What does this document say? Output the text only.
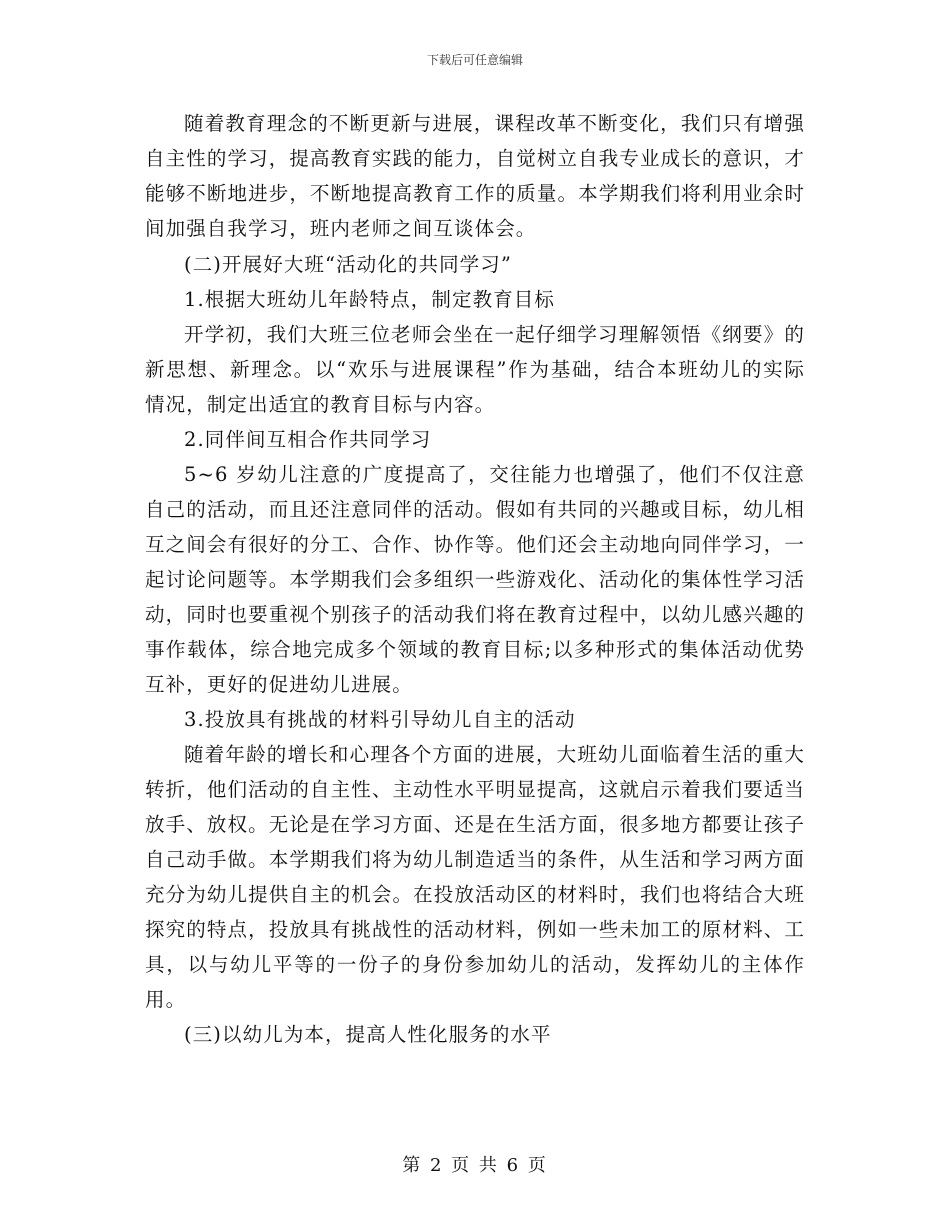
下载后可任意编辑

随着教育理念的不断更新与进展，课程改革不断变化，我们只有增强自主性的学习，提高教育实践的能力，自觉树立自我专业成长的意识，才能够不断地进步，不断地提高教育工作的质量。本学期我们将利用业余时间加强自我学习，班内老师之间互谈体会。

(二)开展好大班“活动化的共同学习”

1.根据大班幼儿年龄特点，制定教育目标

开学初，我们大班三位老师会坐在一起仔细学习理解领悟《纲要》的新思想、新理念。以“欢乐与进展课程”作为基础，结合本班幼儿的实际情况，制定出适宜的教育目标与内容。

2.同伴间互相合作共同学习

5~6 岁幼儿注意的广度提高了，交往能力也增强了，他们不仅注意自己的活动，而且还注意同伴的活动。假如有共同的兴趣或目标，幼儿相互之间会有很好的分工、合作、协作等。他们还会主动地向同伴学习，一起讨论问题等。本学期我们会多组织一些游戏化、活动化的集体性学习活动，同时也要重视个别孩子的活动我们将在教育过程中，以幼儿感兴趣的事作载体，综合地完成多个领域的教育目标;以多种形式的集体活动优势互补，更好的促进幼儿进展。

3.投放具有挑战的材料引导幼儿自主的活动

随着年龄的增长和心理各个方面的进展，大班幼儿面临着生活的重大转折，他们活动的自主性、主动性水平明显提高，这就启示着我们要适当放手、放权。无论是在学习方面、还是在生活方面，很多地方都要让孩子自己动手做。本学期我们将为幼儿制造适当的条件，从生活和学习两方面充分为幼儿提供自主的机会。在投放活动区的材料时，我们也将结合大班探究的特点，投放具有挑战性的活动材料，例如一些未加工的原材料、工具，以与幼儿平等的一份子的身份参加幼儿的活动，发挥幼儿的主体作用。

(三)以幼儿为本，提高人性化服务的水平

第 2 页 共 6 页
